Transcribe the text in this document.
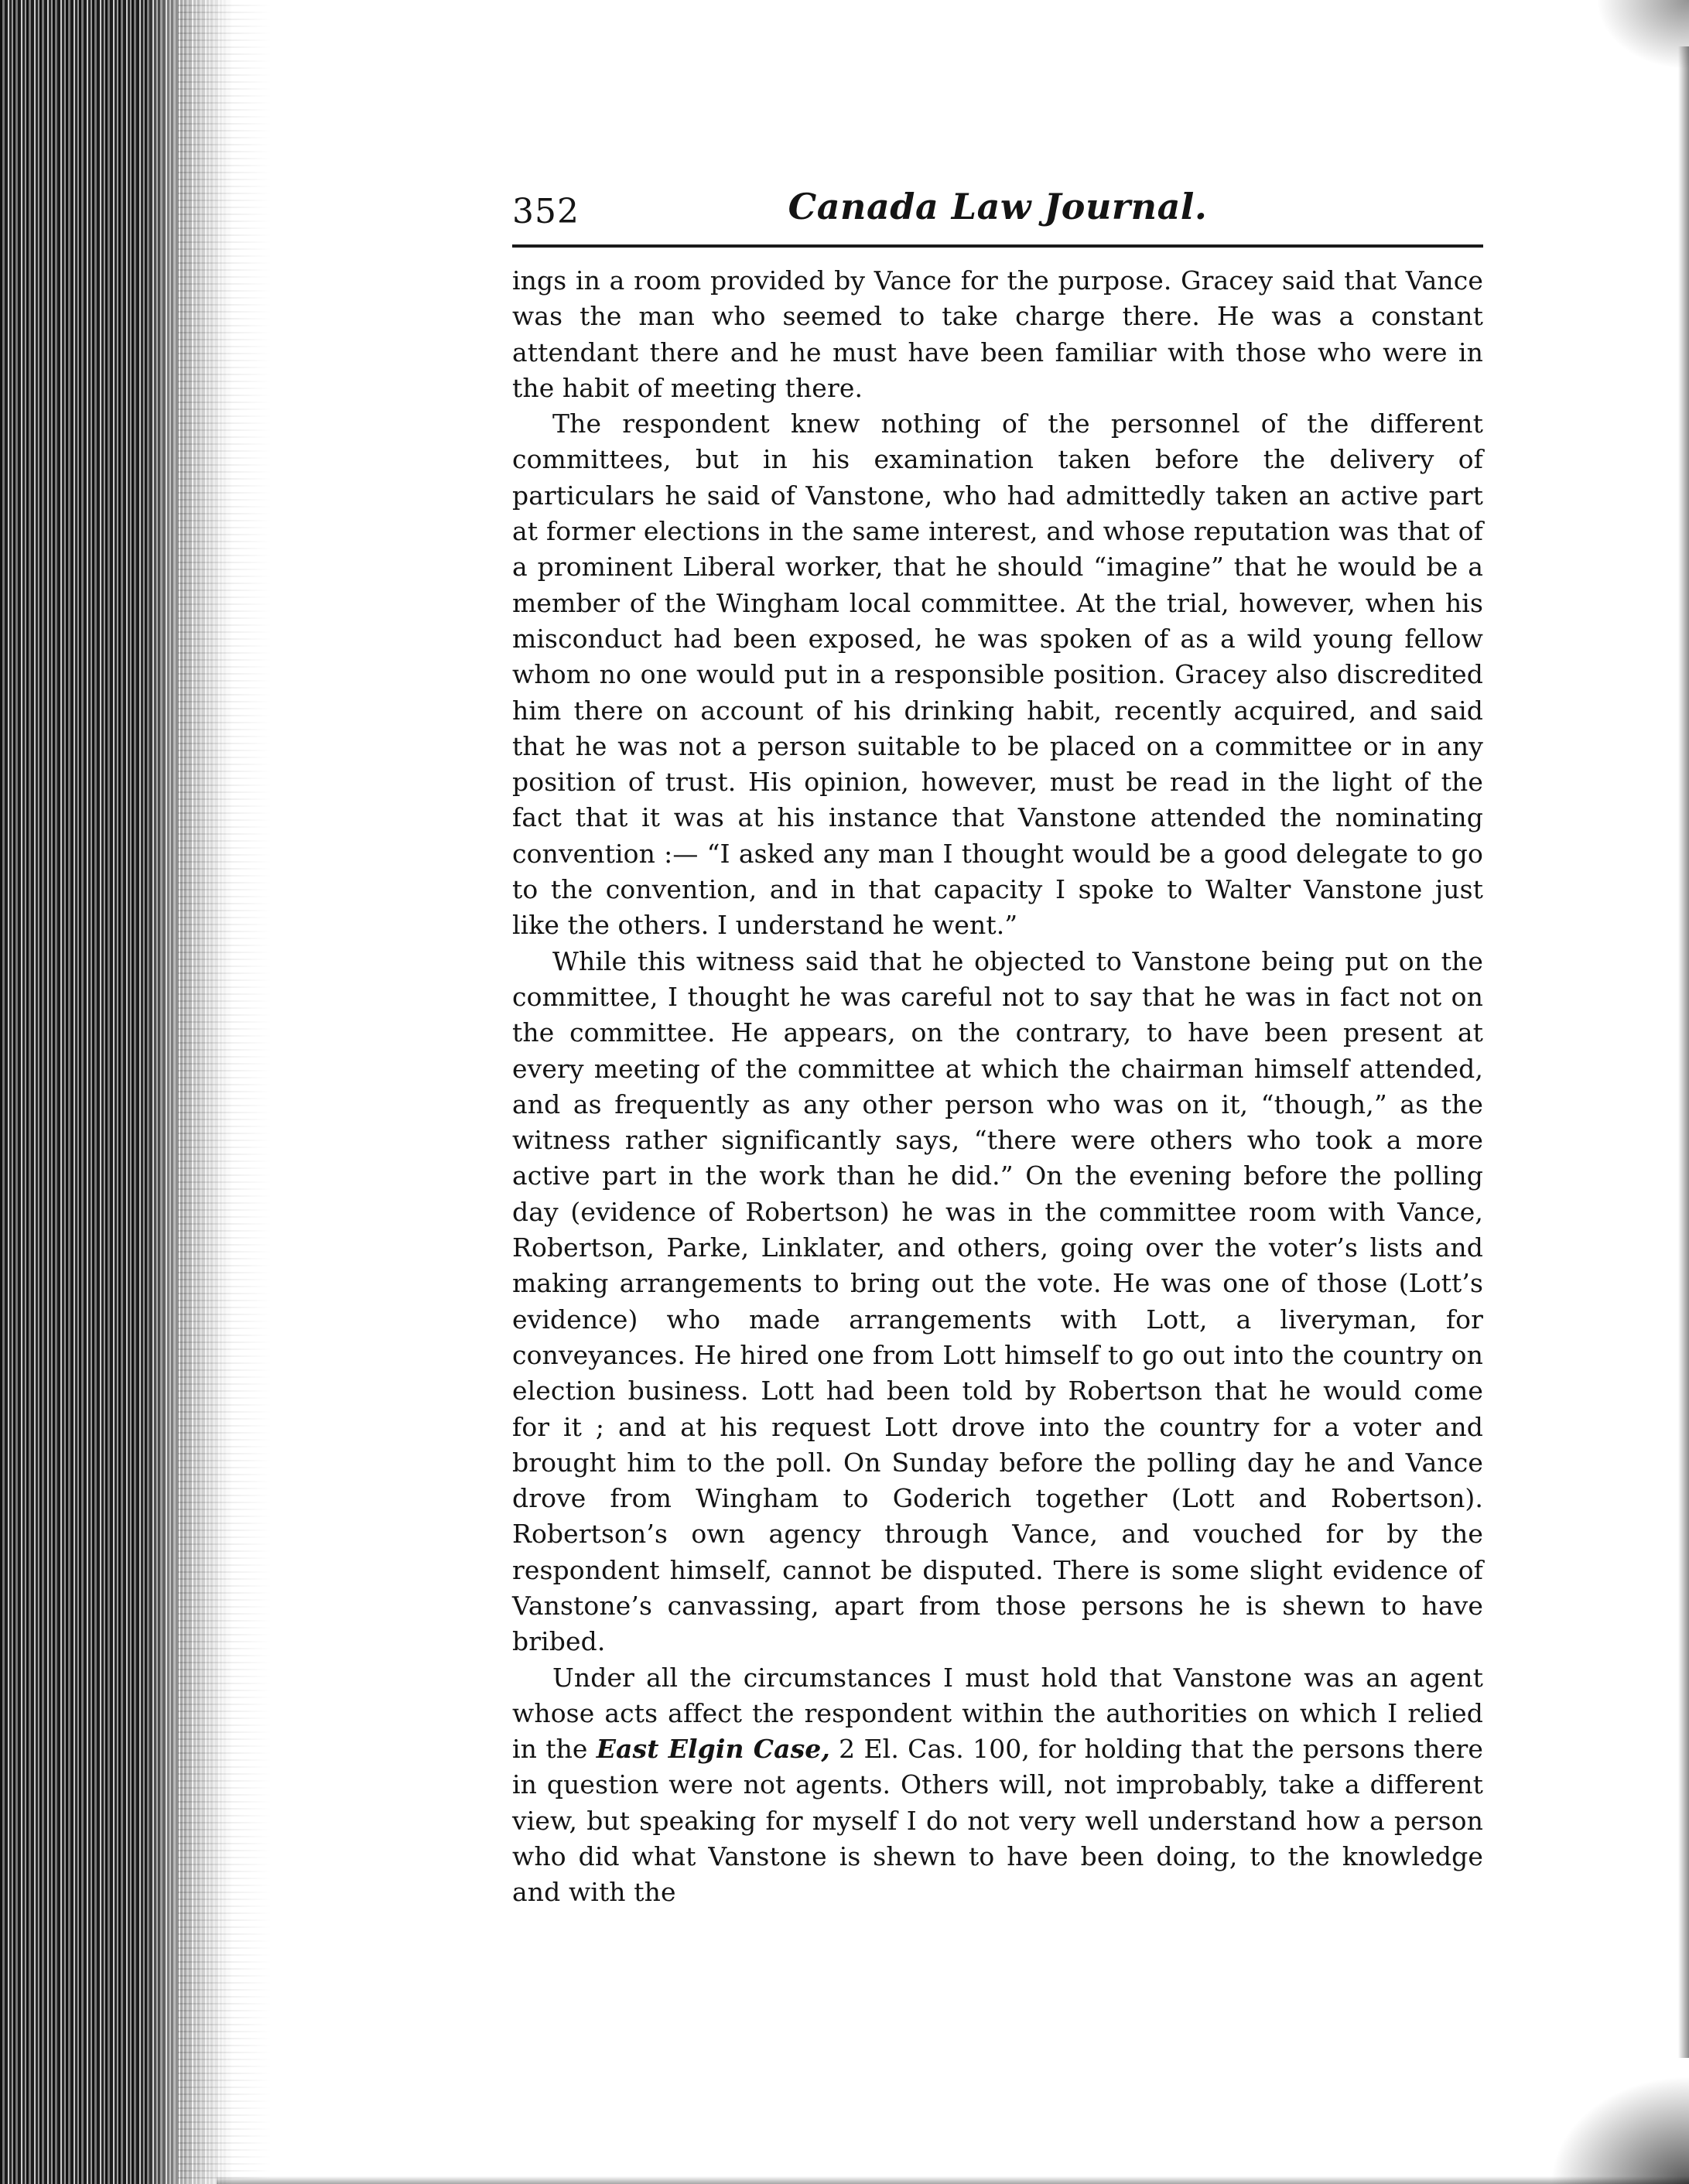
352	Canada Law Journal.

ings in a room provided by Vance for the purpose. Gracey said that Vance was the man who seemed to take charge there. He was a constant attendant there and he must have been familiar with those who were in the habit of meeting there.

The respondent knew nothing of the personnel of the different committees, but in his examination taken before the delivery of particulars he said of Vanstone, who had admittedly taken an active part at former elections in the same interest, and whose reputation was that of a prominent Liberal worker, that he should “imagine” that he would be a member of the Wingham local committee. At the trial, however, when his misconduct had been exposed, he was spoken of as a wild young fellow whom no one would put in a responsible position. Gracey also discredited him there on account of his drinking habit, recently acquired, and said that he was not a person suitable to be placed on a committee or in any position of trust. His opinion, however, must be read in the light of the fact that it was at his instance that Vanstone attended the nominating convention :— “I asked any man I thought would be a good delegate to go to the convention, and in that capacity I spoke to Walter Vanstone just like the others. I understand he went.”

While this witness said that he objected to Vanstone being put on the committee, I thought he was careful not to say that he was in fact not on the committee. He appears, on the contrary, to have been present at every meeting of the committee at which the chairman himself attended, and as frequently as any other person who was on it, “though,” as the witness rather significantly says, “there were others who took a more active part in the work than he did.” On the evening before the polling day (evidence of Robertson) he was in the committee room with Vance, Robertson, Parke, Linklater, and others, going over the voter’s lists and making arrangements to bring out the vote. He was one of those (Lott’s evidence) who made arrangements with Lott, a liveryman, for conveyances. He hired one from Lott himself to go out into the country on election business. Lott had been told by Robertson that he would come for it ; and at his request Lott drove into the country for a voter and brought him to the poll. On Sunday before the polling day he and Vance drove from Wingham to Goderich together (Lott and Robertson). Robertson’s own agency through Vance, and vouched for by the respondent himself, cannot be disputed. There is some slight evidence of Vanstone’s canvassing, apart from those persons he is shewn to have bribed.

Under all the circumstances I must hold that Vanstone was an agent whose acts affect the respondent within the authorities on which I relied in the East Elgin Case, 2 El. Cas. 100, for holding that the persons there in question were not agents. Others will, not improbably, take a different view, but speaking for myself I do not very well understand how a person who did what Vanstone is shewn to have been doing, to the knowledge and with the
